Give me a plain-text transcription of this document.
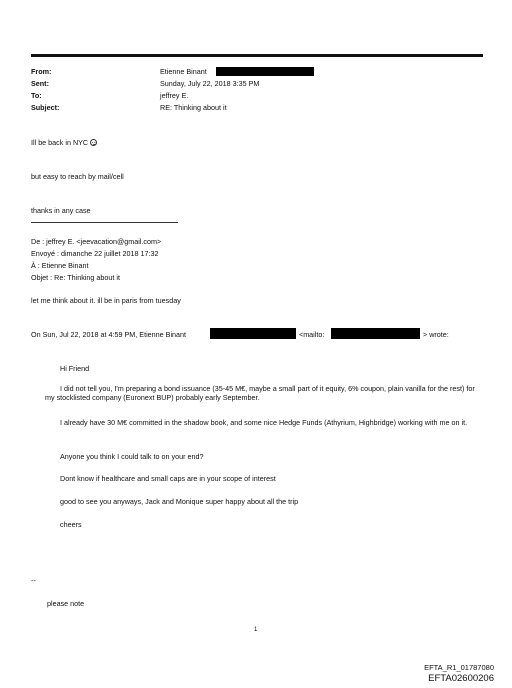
From:	Etienne Binant
Sent:	Sunday, July 22, 2018 3:35 PM
To:	jeffrey E.
Subject:	RE: Thinking about it
Ill be back in NYC
but easy to reach by mail/cell
thanks in any case
De : jeffrey E. <jeevacation@gmail.com>
Envoyé : dimanche 22 juillet 2018 17:32
À : Etienne Binant
Objet : Re: Thinking about it
let me think about it. ill be in paris from tuesday
On Sun, Jul 22, 2018 at 4:59 PM, Etienne Binant	<mailto:	> wrote:
Hi Friend
I did not tell you, I'm preparing a bond issuance (35-45 M€, maybe a small part of it equity, 6% coupon, plain vanilla for the rest) for my stocklisted company (Euronext BUP) probably early September.
I already have 30 M€ committed in the shadow book, and some nice Hedge Funds (Athyrium, Highbridge) working with me on it.
Anyone you think I could talk to on your end?
Dont know if healthcare and small caps are in your scope of interest
good to see you anyways, Jack and Monique super happy about all the trip
cheers
--
please note
1
EFTA_R1_01787080
EFTA02600206
